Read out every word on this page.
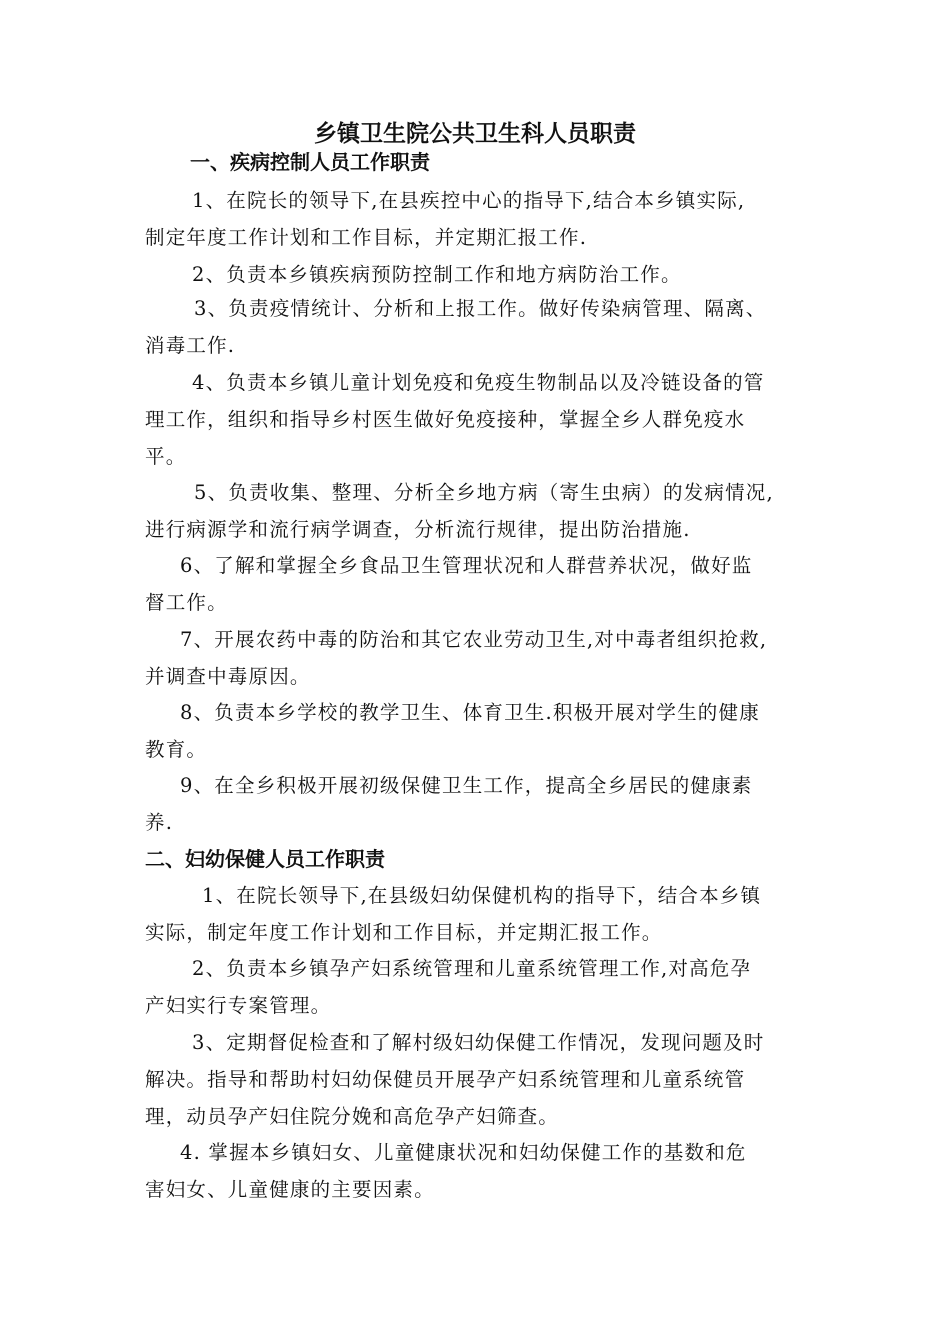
乡镇卫生院公共卫生科人员职责
一、疾病控制人员工作职责

1、在院长的领导下,在县疾控中心的指导下,结合本乡镇实际,
制定年度工作计划和工作目标，并定期汇报工作.

2、负责本乡镇疾病预防控制工作和地方病防治工作。

3、负责疫情统计、分析和上报工作。做好传染病管理、隔离、
消毒工作.

4、负责本乡镇儿童计划免疫和免疫生物制品以及冷链设备的管
理工作，组织和指导乡村医生做好免疫接种，掌握全乡人群免疫水
平。

5、负责收集、整理、分析全乡地方病（寄生虫病）的发病情况,
进行病源学和流行病学调查，分析流行规律，提出防治措施.

6、了解和掌握全乡食品卫生管理状况和人群营养状况，做好监
督工作。

7、开展农药中毒的防治和其它农业劳动卫生,对中毒者组织抢救,
并调查中毒原因。

8、负责本乡学校的教学卫生、体育卫生.积极开展对学生的健康
教育。

9、在全乡积极开展初级保健卫生工作，提高全乡居民的健康素
养.

二、妇幼保健人员工作职责

1、在院长领导下,在县级妇幼保健机构的指导下，结合本乡镇
实际，制定年度工作计划和工作目标，并定期汇报工作。

2、负责本乡镇孕产妇系统管理和儿童系统管理工作,对高危孕
产妇实行专案管理。

3、定期督促检查和了解村级妇幼保健工作情况，发现问题及时
解决。指导和帮助村妇幼保健员开展孕产妇系统管理和儿童系统管
理，动员孕产妇住院分娩和高危孕产妇筛查。

4. 掌握本乡镇妇女、儿童健康状况和妇幼保健工作的基数和危
害妇女、儿童健康的主要因素。
